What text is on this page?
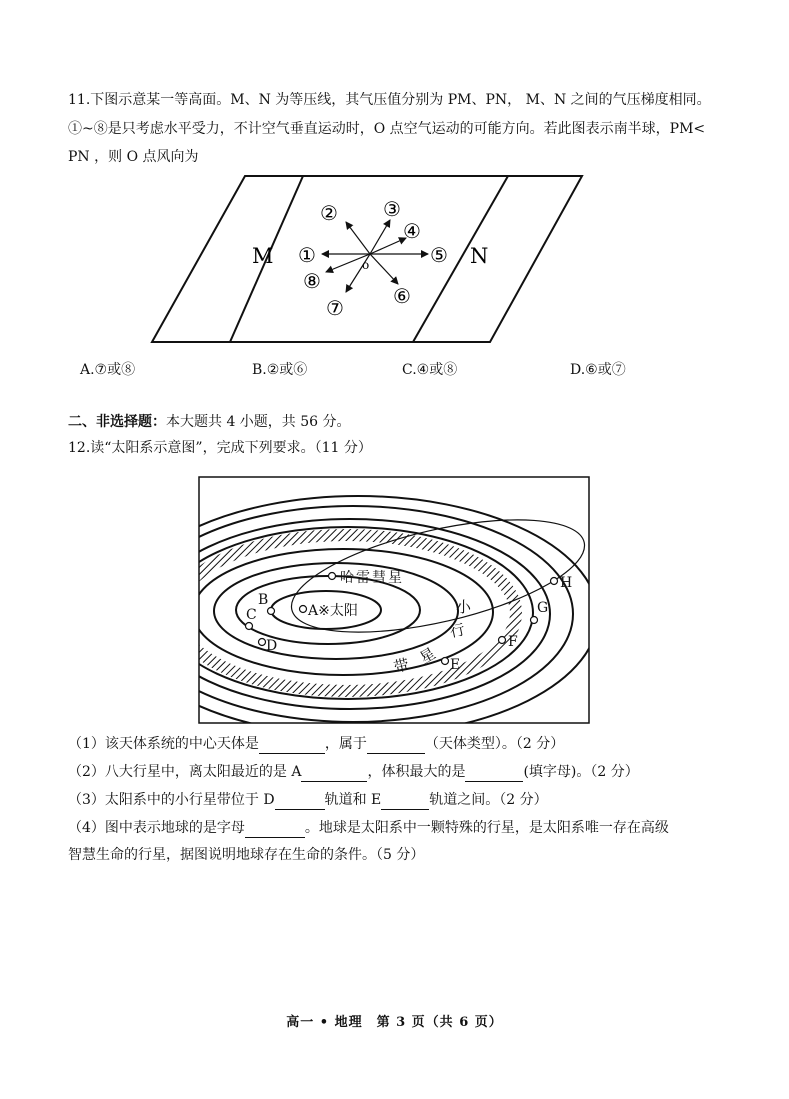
11.下图示意某一等高面。M、N 为等压线，其气压值分别为 PM、PN， M、N 之间的气压梯度相同。
①~⑧是只考虑水平受力，不计空气垂直运动时，O 点空气运动的可能方向。若此图表示南半球，PM<
PN ，则 O 点风向为
M	N
o
①
② ③
④
⑤
⑥
⑦
⑧
A.⑦或⑧	B.②或⑥	C.④或⑧	D.⑥或⑦
二、非选择题：本大题共 4 小题，共 56 分。
12.读“太阳系示意图”，完成下列要求。（11 分）
A※太阳
哈雷彗星
B
C
D
E
F
G
H
小
行
带 星
（1）该天体系统的中心天体是	，属于	（天体类型）。（2 分）
（2）八大行星中，离太阳最近的是 A	，体积最大的是	(填字母)。（2 分）
（3）太阳系中的小行星带位于 D	轨道和 E	轨道之间。（2 分）
（4）图中表示地球的是字母	。地球是太阳系中一颗特殊的行星，是太阳系唯一存在高级
智慧生命的行星，据图说明地球存在生命的条件。（5 分）
高一 • 地理　第 3 页（共 6 页）
